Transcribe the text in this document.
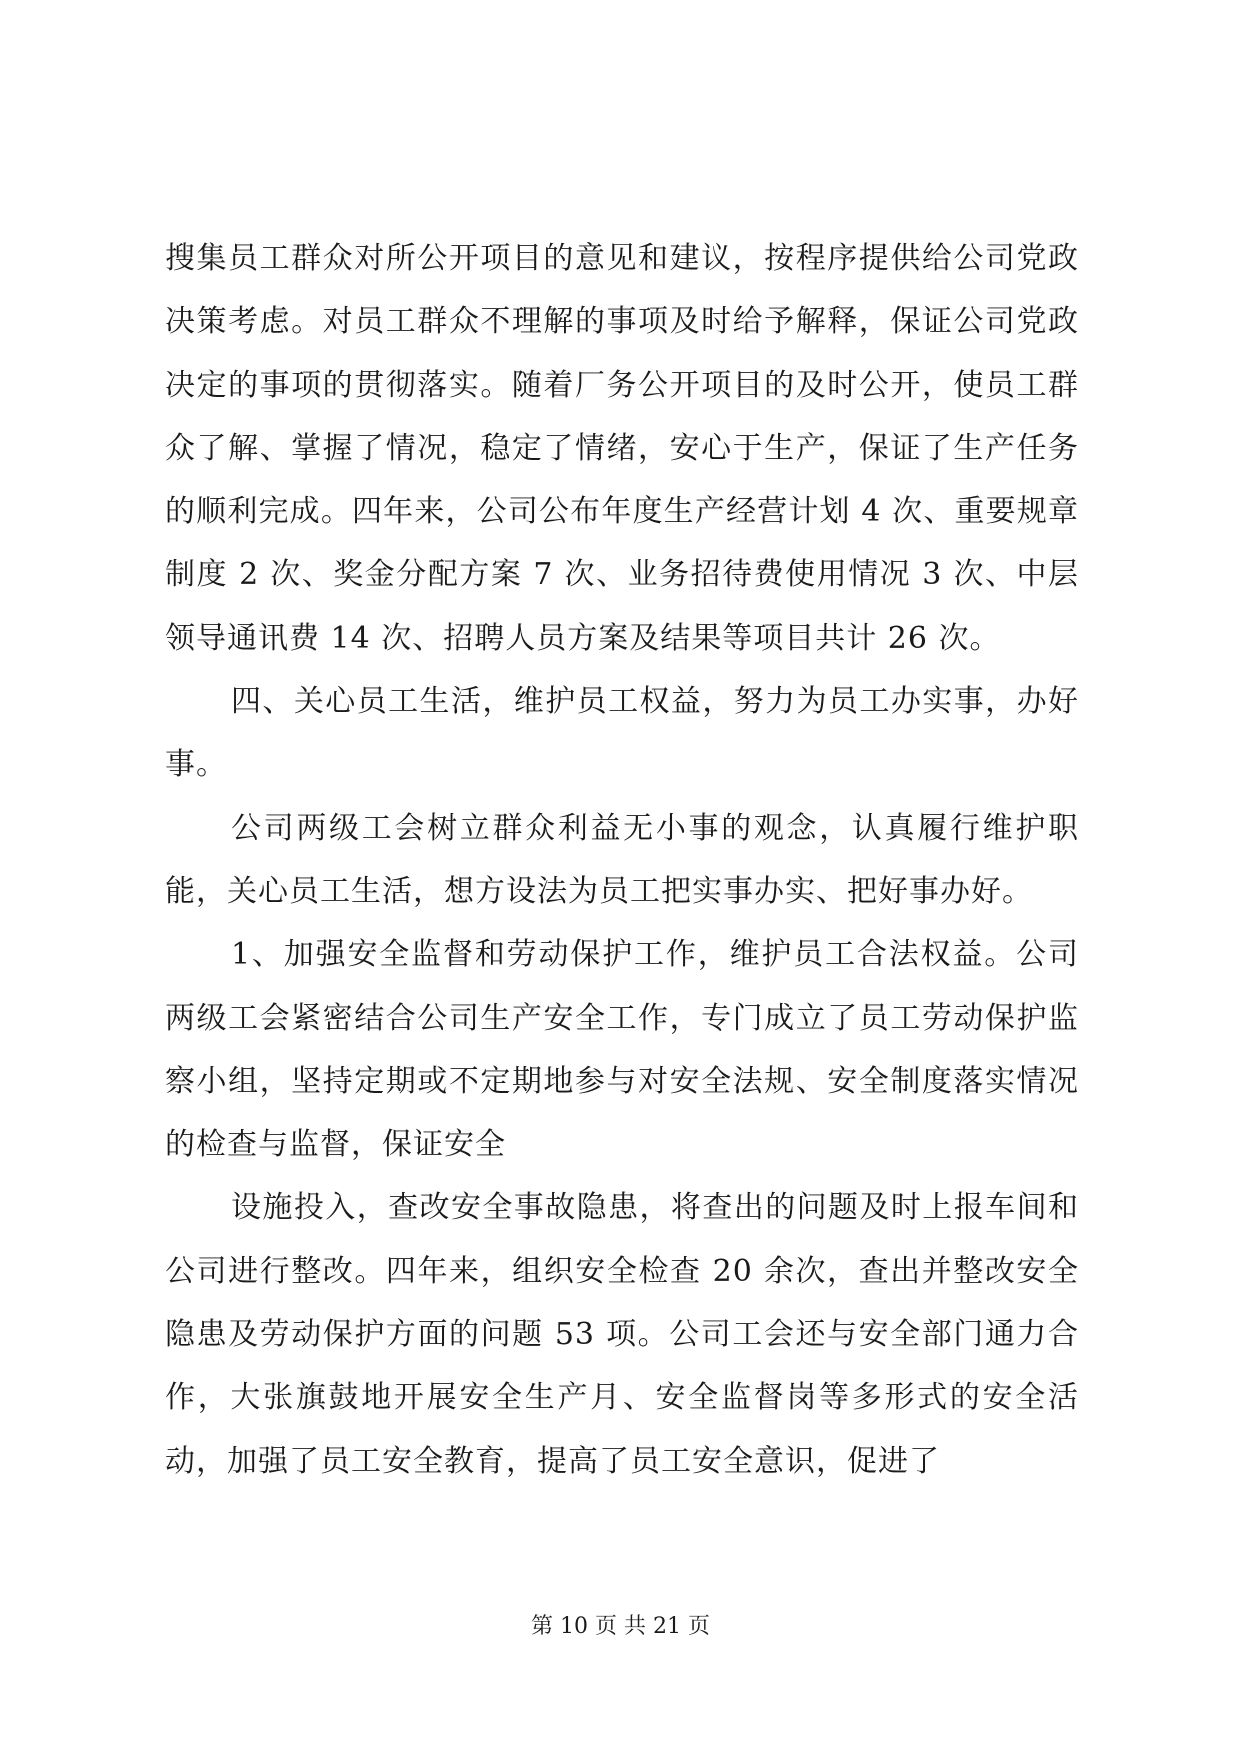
搜集员工群众对所公开项目的意见和建议，按程序提供给公司党政决策考虑。对员工群众不理解的事项及时给予解释，保证公司党政决定的事项的贯彻落实。随着厂务公开项目的及时公开，使员工群众了解、掌握了情况，稳定了情绪，安心于生产，保证了生产任务的顺利完成。四年来，公司公布年度生产经营计划 4 次、重要规章制度 2 次、奖金分配方案 7 次、业务招待费使用情况 3 次、中层领导通讯费 14 次、招聘人员方案及结果等项目共计 26 次。

四、关心员工生活，维护员工权益，努力为员工办实事，办好事。

公司两级工会树立群众利益无小事的观念，认真履行维护职能，关心员工生活，想方设法为员工把实事办实、把好事办好。

1、加强安全监督和劳动保护工作，维护员工合法权益。公司两级工会紧密结合公司生产安全工作，专门成立了员工劳动保护监察小组，坚持定期或不定期地参与对安全法规、安全制度落实情况的检查与监督，保证安全

设施投入，查改安全事故隐患，将查出的问题及时上报车间和公司进行整改。四年来，组织安全检查 20 余次，查出并整改安全隐患及劳动保护方面的问题 53 项。公司工会还与安全部门通力合作，大张旗鼓地开展安全生产月、安全监督岗等多形式的安全活动，加强了员工安全教育，提高了员工安全意识，促进了

第 10 页 共 21 页
